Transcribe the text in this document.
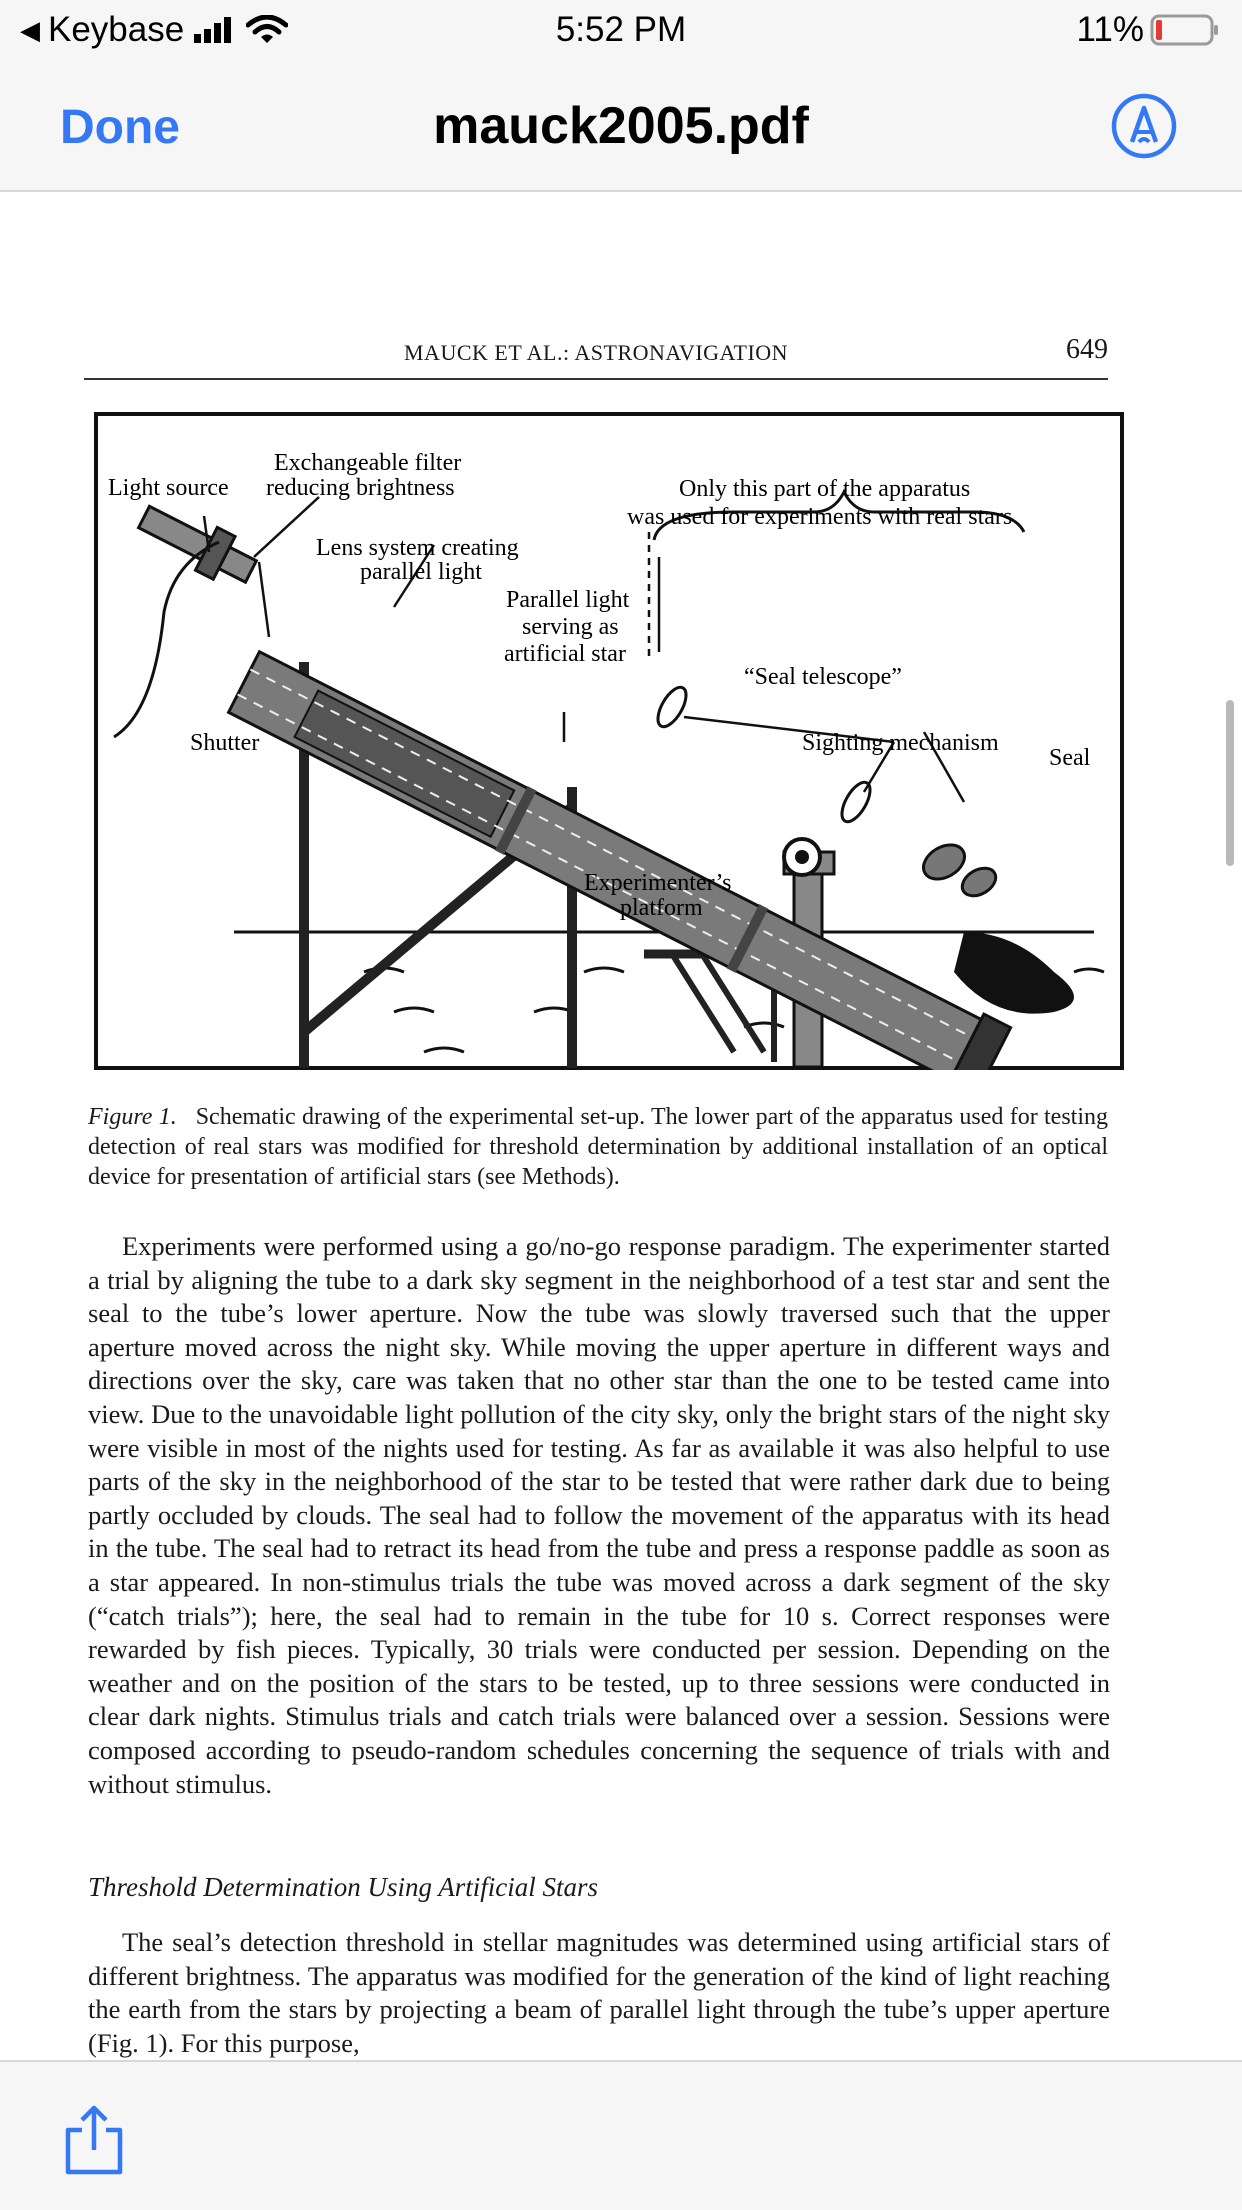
◀ Keybase	5:52 PM	11%
Done	mauck2005.pdf
MAUCK ET AL.: ASTRONAVIGATION	649
Exchangeable filter
reducing brightness
Light source	Only this part of the apparatus
was used for experiments with real stars
Lens system creating
parallel light
Parallel light
serving as
artificial star
“Seal telescope”
Shutter	Sighting mechanism
Seal
Experimenter’s
platform
Figure 1. Schematic drawing of the experimental set-up. The lower part of the apparatus used for testing detection of real stars was modified for threshold determination by additional installation of an optical device for presentation of artificial stars (see Methods).

Experiments were performed using a go/no-go response paradigm. The experimenter started a trial by aligning the tube to a dark sky segment in the neighborhood of a test star and sent the seal to the tube’s lower aperture. Now the tube was slowly traversed such that the upper aperture moved across the night sky. While moving the upper aperture in different ways and directions over the sky, care was taken that no other star than the one to be tested came into view. Due to the unavoidable light pollution of the city sky, only the bright stars of the night sky were visible in most of the nights used for testing. As far as available it was also helpful to use parts of the sky in the neighborhood of the star to be tested that were rather dark due to being partly occluded by clouds. The seal had to follow the movement of the apparatus with its head in the tube. The seal had to retract its head from the tube and press a response paddle as soon as a star appeared. In non-stimulus trials the tube was moved across a dark segment of the sky (“catch trials”); here, the seal had to remain in the tube for 10 s. Correct responses were rewarded by fish pieces. Typically, 30 trials were conducted per session. Depending on the weather and on the position of the stars to be tested, up to three sessions were conducted in clear dark nights. Stimulus trials and catch trials were balanced over a session. Sessions were composed according to pseudo-random schedules concerning the sequence of trials with and without stimulus.

Threshold Determination Using Artificial Stars

The seal’s detection threshold in stellar magnitudes was determined using artificial stars of different brightness. The apparatus was modified for the generation of the kind of light reaching the earth from the stars by projecting a beam of parallel light through the tube’s upper aperture (Fig. 1). For this purpose,
